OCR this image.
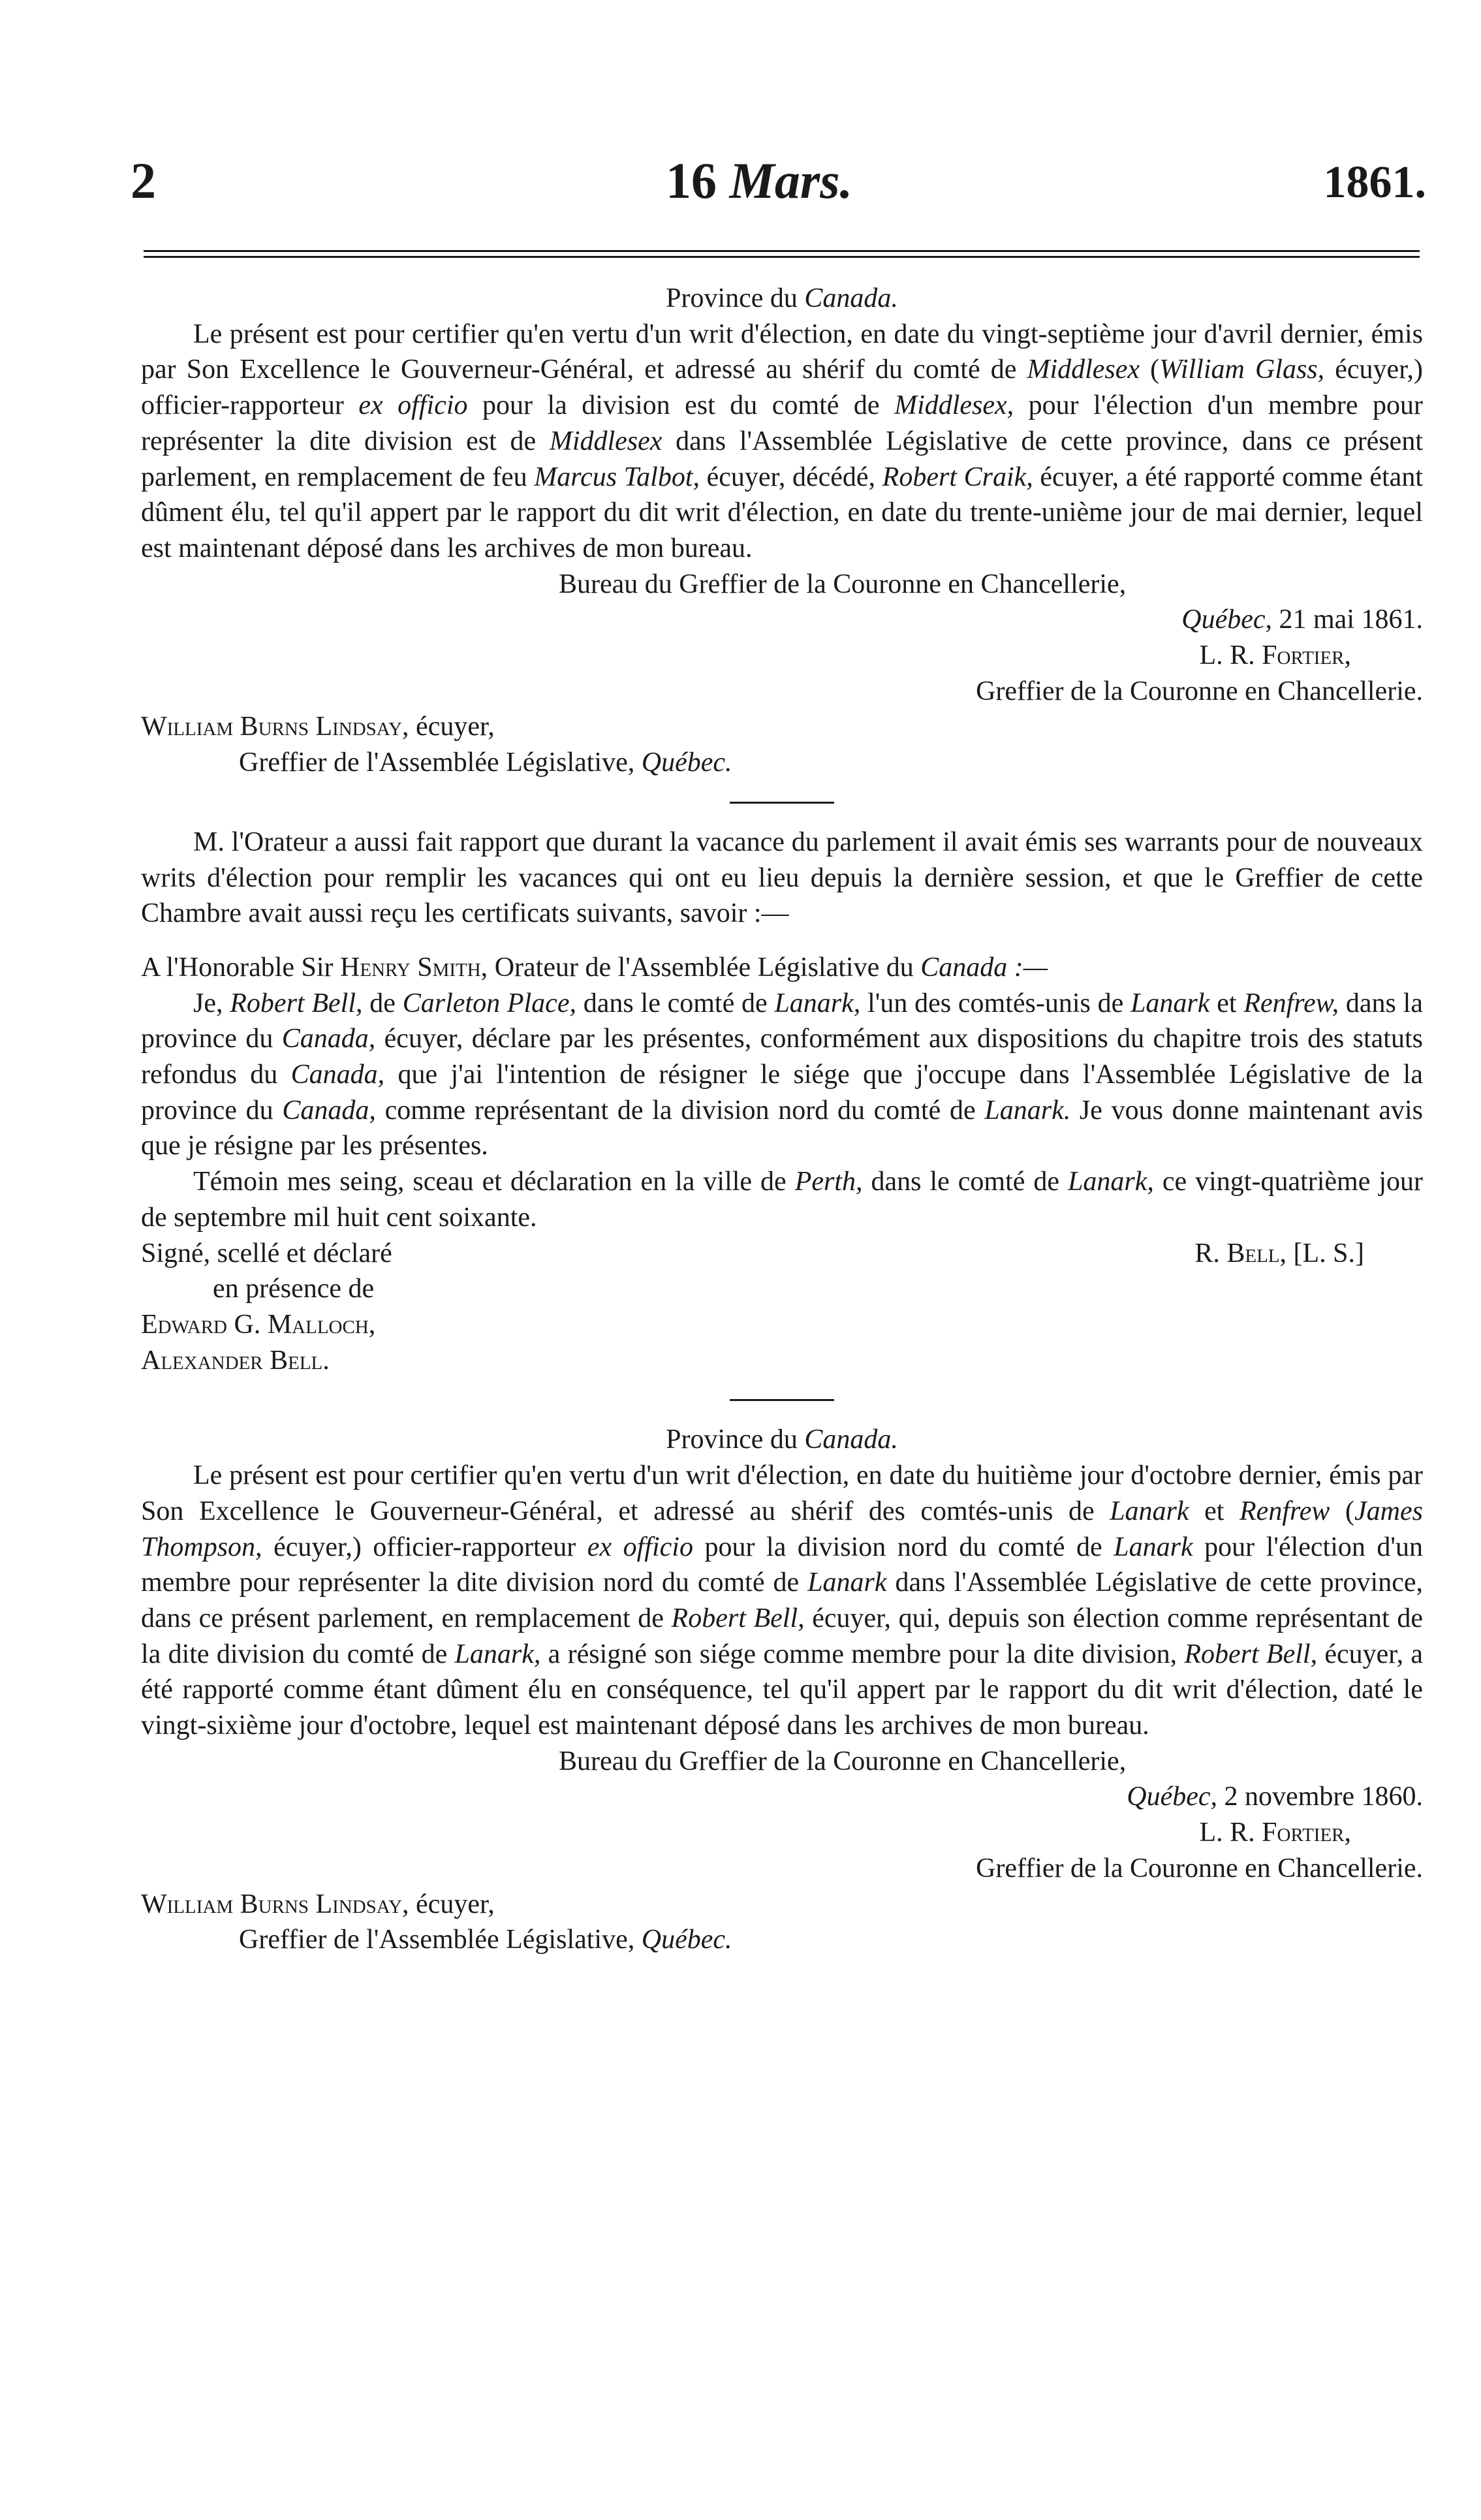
2	16 Mars.	1861.

Province du Canada.

Le présent est pour certifier qu'en vertu d'un writ d'élection, en date du vingt-septième jour d'avril dernier, émis par Son Excellence le Gouverneur-Général, et adressé au shérif du comté de Middlesex (William Glass, écuyer,) officier-rapporteur ex officio pour la division est du comté de Middlesex, pour l'élection d'un membre pour représenter la dite division est de Middlesex dans l'Assemblée Législative de cette province, dans ce présent parlement, en remplacement de feu Marcus Talbot, écuyer, décédé, Robert Craik, écuyer, a été rapporté comme étant dûment élu, tel qu'il appert par le rapport du dit writ d'élection, en date du trente-unième jour de mai dernier, lequel est maintenant déposé dans les archives de mon bureau.

Bureau du Greffier de la Couronne en Chancellerie,

Québec, 21 mai 1861.

L. R. Fortier,

Greffier de la Couronne en Chancellerie.

William Burns Lindsay, écuyer,

Greffier de l'Assemblée Législative, Québec.

M. l'Orateur a aussi fait rapport que durant la vacance du parlement il avait émis ses warrants pour de nouveaux writs d'élection pour remplir les vacances qui ont eu lieu depuis la dernière session, et que le Greffier de cette Chambre avait aussi reçu les certificats suivants, savoir :—

A l'Honorable Sir Henry Smith, Orateur de l'Assemblée Législative du Canada :—

Je, Robert Bell, de Carleton Place, dans le comté de Lanark, l'un des comtés-unis de Lanark et Renfrew, dans la province du Canada, écuyer, déclare par les présentes, conformément aux dispositions du chapitre trois des statuts refondus du Canada, que j'ai l'intention de résigner le siége que j'occupe dans l'Assemblée Législative de la province du Canada, comme représentant de la division nord du comté de Lanark. Je vous donne maintenant avis que je résigne par les présentes.

Témoin mes seing, sceau et déclaration en la ville de Perth, dans le comté de Lanark, ce vingt-quatrième jour de septembre mil huit cent soixante.

Signé, scellé et déclaré	R. Bell, [L. S.]

en présence de

Edward G. Malloch,

Alexander Bell.

Province du Canada.

Le présent est pour certifier qu'en vertu d'un writ d'élection, en date du huitième jour d'octobre dernier, émis par Son Excellence le Gouverneur-Général, et adressé au shérif des comtés-unis de Lanark et Renfrew (James Thompson, écuyer,) officier-rapporteur ex officio pour la division nord du comté de Lanark pour l'élection d'un membre pour représenter la dite division nord du comté de Lanark dans l'Assemblée Législative de cette province, dans ce présent parlement, en remplacement de Robert Bell, écuyer, qui, depuis son élection comme représentant de la dite division du comté de Lanark, a résigné son siége comme membre pour la dite division, Robert Bell, écuyer, a été rapporté comme étant dûment élu en conséquence, tel qu'il appert par le rapport du dit writ d'élection, daté le vingt-sixième jour d'octobre, lequel est maintenant déposé dans les archives de mon bureau.

Bureau du Greffier de la Couronne en Chancellerie,

Québec, 2 novembre 1860.

L. R. Fortier,

Greffier de la Couronne en Chancellerie.

William Burns Lindsay, écuyer,

Greffier de l'Assemblée Législative, Québec.
